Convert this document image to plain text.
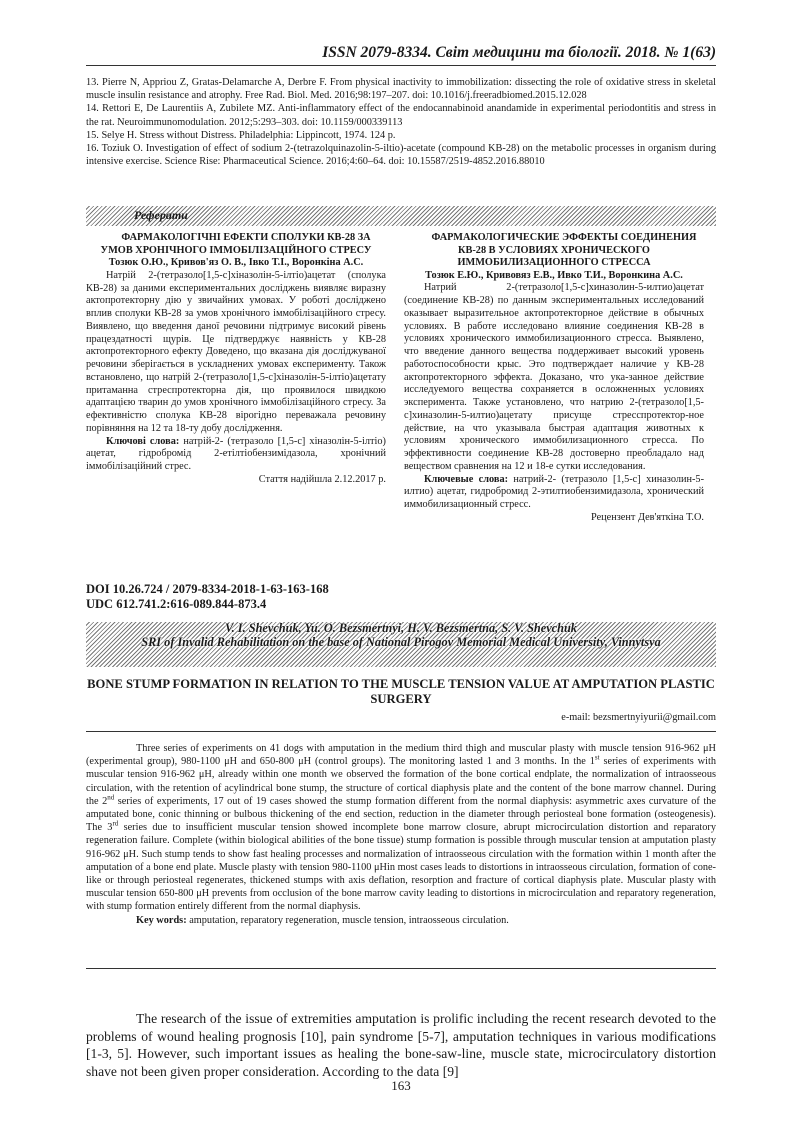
ISSN 2079-8334. Світ медицини та біології. 2018. № 1(63)

13. Pierre N, Appriou Z, Gratas-Delamarche A, Derbre F. From physical inactivity to immobilization: dissecting the role of oxidative stress in skeletal muscle insulin resistance and atrophy. Free Rad. Biol. Med. 2016;98:197–207. doi: 10.1016/j.freeradbiomed.2015.12.028

14. Rettori E, De Laurentiis A, Zubilete MZ. Anti-inflammatory effect of the endocannabinoid anandamide in experimental periodontitis and stress in the rat. Neuroimmunomodulation. 2012;5:293–303. doi: 10.1159/000339113

15. Selye H. Stress without Distress. Philadelphia: Lippincott, 1974. 124 p.

16. Toziuk O. Investigation of effect of sodium 2-(tetrazolquinazolin-5-iltio)-acetate (compound KB-28) on the metabolic processes in organism during intensive exercise. Science Rise: Pharmaceutical Science. 2016;4:60–64. doi: 10.15587/2519-4852.2016.88010

Реферати

ФАРМАКОЛОГІЧНІ ЕФЕКТИ СПОЛУКИ КВ-28 ЗА УМОВ ХРОНІЧНОГО ІММОБІЛІЗАЦІЙНОГО СТРЕСУ

Тозюк О.Ю., Кривов'яз О. В., Івко Т.І., Воронкіна А.С.

Натрій 2-(тетразоло[1,5-c]хіназолін-5-ілтіо)ацетат (сполука КВ-28) за даними експериментальних досліджень виявляє виразну актопротекторну дію у звичайних умовах. У роботі досліджено вплив сполуки КВ-28 за умов хронічного іммобілізаційного стресу. Виявлено, що введення даної речовини підтримує високий рівень працездатності щурів. Це підтверджує наявність у КВ-28 актопротекторного ефекту Доведено, що вказана дія досліджуваної речовини зберігається в ускладнених умовах експерименту. Також встановлено, що натрій 2-(тетразоло[1,5-c]хіназолін-5-ілтіо)ацетату притаманна стреспротекторна дія, що проявилося швидкою адаптацією тварин до умов хронічного іммобілізаційного стресу. За ефективністю сполука КВ-28 вірогідно переважала речовину порівняння на 12 та 18-ту добу дослідження.

Ключові слова: натрій-2- (тетразоло [1,5-c] хіназолін-5-ілтіо) ацетат, гідробромід 2-етілтіобензимідазола, хронічний іммобілізаційний стрес.

Стаття надійшла 2.12.2017 р.

ФАРМАКОЛОГИЧЕСКИЕ ЭФФЕКТЫ СОЕДИНЕНИЯ КВ-28 В УСЛОВИЯХ ХРОНИЧЕСКОГО ИММОБИЛИЗАЦИОННОГО СТРЕССА

Тозюк Е.Ю., Кривовяз Е.В., Ивко Т.И., Воронкина А.С.

Натрий 2-(тетразоло[1,5-c]хиназолин-5-илтио)ацетат (соединение КВ-28) по данным экспериментальных исследований оказывает выразительное актопротекторное действие в обычных условиях. В работе исследовано влияние соединения КВ-28 в условиях хронического иммобилизационного стресса. Выявлено, что введение данного вещества поддерживает высокий уровень работоспособности крыс. Это подтверждает наличие у КВ-28 актопротекторного эффекта. Доказано, что ука-занное действие исследуемого вещества сохраняется в осложненных условиях эксперимента. Также установлено, что натрию 2-(тетразоло[1,5-c]хиназолин-5-илтио)ацетату присуще стресспротектор-ное действие, на что указывала быстрая адаптация животных к условиям хронического иммобилизационного стресса. По эффективности соединение КВ-28 достоверно преобладало над веществом сравнения на 12 и 18-е сутки исследования.

Ключевые слова: натрий-2- (тетразоло [1,5-c] хиназолин-5-илтио) ацетат, гидробромид 2-этилтиобензимидазола, хронический иммобилизационный стресс.

Рецензент Дев'яткіна Т.О.

DOI 10.26.724 / 2079-8334-2018-1-63-163-168
UDC 612.741.2:616-089.844-873.4
V. I. Shevchuk, Yu. O. Bezsmertnyi, H. V. Bezsmertna, S. V. Shevchuk
SRI of Invalid Rehabilitation on the base of National Pirogov Memorial Medical University, Vinnytsya
BONE STUMP FORMATION IN RELATION TO THE MUSCLE TENSION VALUE AT AMPUTATION PLASTIC SURGERY
e-mail: bezsmertnyiyurii@gmail.com
Three series of experiments on 41 dogs with amputation in the medium third thigh and muscular plasty with muscle tension 916-962 μH (experimental group), 980-1100 μH and 650-800 μH (control groups). The monitoring lasted 1 and 3 months. In the 1st series of experiments with muscular tension 916-962 μH, already within one month we observed the formation of the bone cortical endplate, the normalization of intraosseous circulation, with the retention of acylindrical bone stump, the structure of cortical diaphysis plate and the content of the bone marrow channel. During the 2nd series of experiments, 17 out of 19 cases showed the stump formation different from the normal diaphysis: asymmetric axes curvature of the amputated bone, conic thinning or bulbous thickening of the end section, reduction in the diameter through periosteal bone formation (osteogenesis). The 3rd series due to insufficient muscular tension showed incomplete bone marrow closure, abrupt microcirculation distortion and reparatory regeneration failure. Complete (within biological abilities of the bone tissue) stump formation is possible through muscular tension at amputation plasty 916-962 μH. Such stump tends to show fast healing processes and normalization of intraosseous circulation with the formation within 1 month after the amputation of a bone end plate. Muscle plasty with tension 980-1100 μHin most cases leads to distortions in intraosseous circulation, formation of cone-like or through periosteal regenerates, thickened stumps with axis deflation, resorption and fracture of cortical diaphysis plate. Muscular plasty with muscular tension 650-800 μH prevents from occlusion of the bone marrow cavity leading to distortions in microcirculation and reparatory regeneration, with stump formation entirely different from the normal diaphysis.
Key words: amputation, reparatory regeneration, muscle tension, intraosseous circulation.
The research of the issue of extremities amputation is prolific including the recent research devoted to the problems of wound healing prognosis [10], pain syndrome [5-7], amputation techniques in various modifications [1-3, 5]. However, such important issues as healing the bone-saw-line, muscle state, microcirculatory distortion shave not been given proper consideration. According to the data [9]
163
